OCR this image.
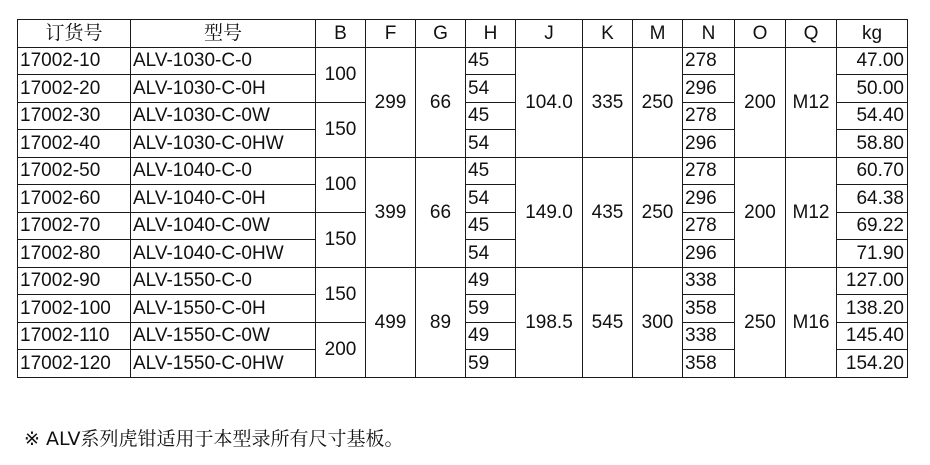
订货号	型号	B	F	G	H	J	K	M	N	O	Q	kg
17002-10	ALV-1030-C-0	100	299	66	45	104.0	335	250	278	200	M12	47.00
17002-20	ALV-1030-C-0H				54				296			50.00
17002-30	ALV-1030-C-0W	150			45				278			54.40
17002-40	ALV-1030-C-0HW				54				296			58.80
17002-50	ALV-1040-C-0	100	399	66	45	149.0	435	250	278	200	M12	60.70
17002-60	ALV-1040-C-0H				54				296			64.38
17002-70	ALV-1040-C-0W	150			45				278			69.22
17002-80	ALV-1040-C-0HW				54				296			71.90
17002-90	ALV-1550-C-0	150	499	89	49	198.5	545	300	338	250	M16	127.00
17002-100	ALV-1550-C-0H				59				358			138.20
17002-110	ALV-1550-C-0W	200			49				338			145.40
17002-120	ALV-1550-C-0HW				59				358			154.20
※ ALV系列虎钳适用于本型录所有尺寸基板。
